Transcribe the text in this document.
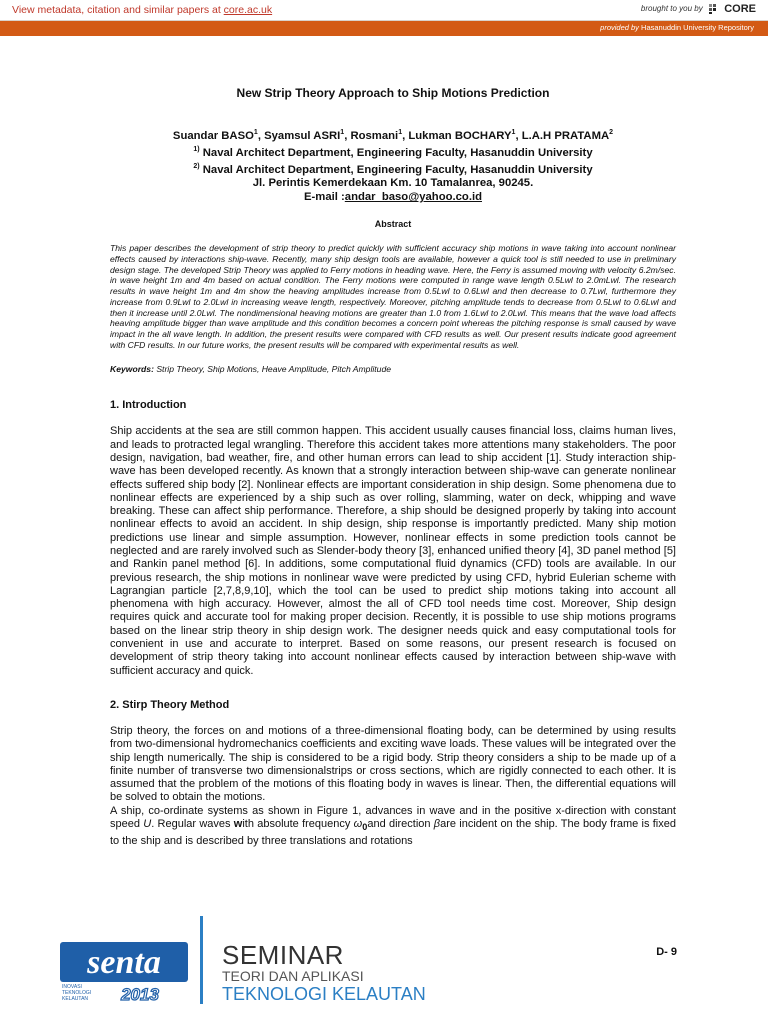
View metadata, citation and similar papers at core.ac.uk	brought to you by CORE
provided by Hasanuddin University Repository
New Strip Theory Approach to Ship Motions Prediction
Suandar BASO$^1$, Syamsul ASRI$^1$, Rosmani$^1$, Lukman BOCHARY$^1$, L.A.H PRATAMA$^2$
$^{1)}$ Naval Architect Department, Engineering Faculty, Hasanuddin University
$^{2)}$ Naval Architect Department, Engineering Faculty, Hasanuddin University
Jl. Perintis Kemerdekaan Km. 10 Tamalanrea, 90245.
E-mail :andar_baso@yahoo.co.id
Abstract
This paper describes the development of strip theory to predict quickly with sufficient accuracy ship motions in wave taking into account nonlinear effects caused by interactions ship-wave. Recently, many ship design tools are available, however a quick tool is still needed to use in preliminary design stage. The developed Strip Theory was applied to Ferry motions in heading wave. Here, the Ferry is assumed moving with velocity 6.2m/sec. in wave height 1m and 4m based on actual condition. The Ferry motions were computed in range wave length 0.5Lwl to 2.0mLwl. The research results in wave height 1m and 4m show the heaving amplitudes increase from 0.5Lwl to 0.6Lwl and then decrease to 0.7Lwl, furthermore they increase from 0.9Lwl to 2.0Lwl in increasing weave length, respectively. Moreover, pitching amplitude tends to decrease from 0.5Lwl to 0.6Lwl and then it increase until 2.0Lwl. The nondimensional heaving motions are greater than 1.0 from 1.6Lwl to 2.0Lwl. This means that the wave load affects heaving amplitude bigger than wave amplitude and this condition becomes a concern point whereas the pitching response is small caused by wave impact in the all wave length. In addition, the present results were compared with CFD results as well. Our present results indicate good agreement with CFD results. In our future works, the present results will be compared with experimental results as well.
Keywords: Strip Theory, Ship Motions, Heave Amplitude, Pitch Amplitude
1. Introduction

Ship accidents at the sea are still common happen. This accident usually causes financial loss, claims human lives, and leads to protracted legal wrangling. Therefore this accident takes more attentions many stakeholders. The poor design, navigation, bad weather, fire, and other human errors can lead to ship accident [1]. Study interaction ship-wave has been developed recently. As known that a strongly interaction between ship-wave can generate nonlinear effects suffered ship body [2]. Nonlinear effects are important consideration in ship design. Some phenomena due to nonlinear effects are experienced by a ship such as over rolling, slamming, water on deck, whipping and wave breaking. These can affect ship performance. Therefore, a ship should be designed properly by taking into account nonlinear effects to avoid an accident. In ship design, ship response is importantly predicted. Many ship motion predictions use linear and simple assumption. However, nonlinear effects in some prediction tools cannot be neglected and are rarely involved such as Slender-body theory [3], enhanced unified theory [4], 3D panel method [5] and Rankin panel method [6]. In additions, some computational fluid dynamics (CFD) tools are available. In our previous research, the ship motions in nonlinear wave were predicted by using CFD, hybrid Eulerian scheme with Lagrangian particle [2,7,8,9,10], which the tool can be used to predict ship motions taking into account all phenomena with high accuracy. However, almost the all of CFD tool needs time cost. Moreover, Ship design requires quick and accurate tool for making proper decision. Recently, it is possible to use ship motions programs based on the linear strip theory in ship design work. The designer needs quick and easy computational tools for convenient in use and accurate to interpret. Based on some reasons, our present research is focused on development of strip theory taking into account nonlinear effects caused by interaction between ship-wave with sufficient accuracy and quick.

2. Stirp Theory Method

Strip theory, the forces on and motions of a three-dimensional floating body, can be determined by using results from two-dimensional hydromechanics coefficients and exciting wave loads. These values will be integrated over the ship length numerically. The ship is considered to be a rigid body. Strip theory considers a ship to be made up of a finite number of transverse two dimensionalstrips or cross sections, which are rigidly connected to each other. It is assumed that the problem of the motions of this floating body in waves is linear. Then, the differential equations will be solved to obtain the motions.

A ship, co-ordinate systems as shown in Figure 1, advances in wave and in the positive x-direction with constant speed U. Regular waves with absolute frequency $\omega_0and$ direction βare incident on the ship. The body frame is fixed to the ship and is described by three translations and rotations

D- 9
senta
INOVASI
TEKNOLOGI
KELAUTAN 2013
SEMINAR
TEORI DAN APLIKASI
TEKNOLOGI KELAUTAN
